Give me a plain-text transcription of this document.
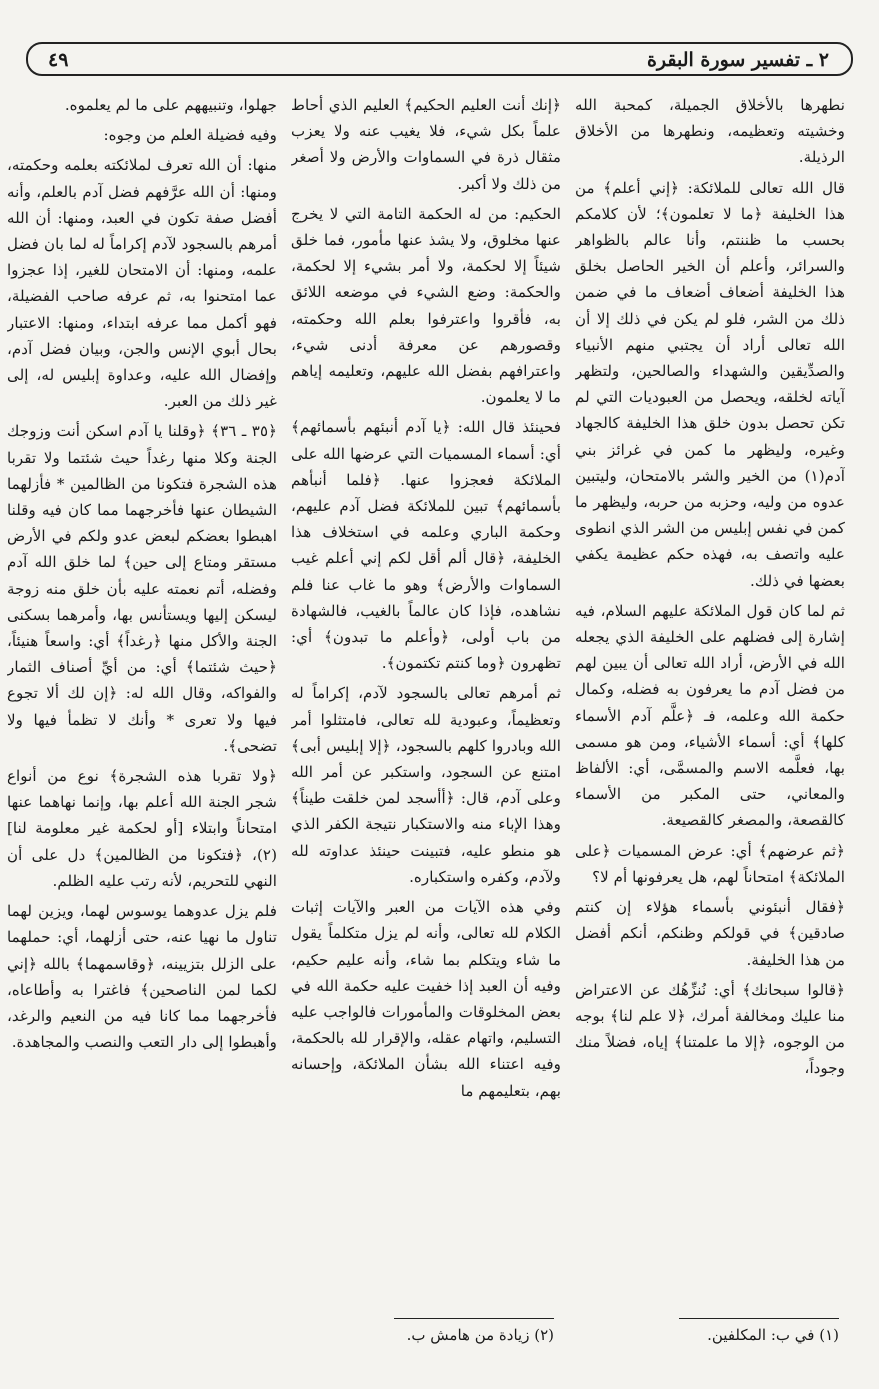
٢ ـ تفسير سورة البقرة
٤٩

نطهرها بالأخلاق الجميلة، كمحبة الله وخشيته وتعظيمه، ونطهرها من الأخلاق الرذيلة.

قال الله تعالى للملائكة: ﴿إني أعلم﴾ من هذا الخليفة ﴿ما لا تعلمون﴾؛ لأن كلامكم بحسب ما ظننتم، وأنا عالم بالظواهر والسرائر، وأعلم أن الخير الحاصل بخلق هذا الخليفة أضعاف أضعاف ما في ضمن ذلك من الشر، فلو لم يكن في ذلك إلا أن الله تعالى أراد أن يجتبي منهم الأنبياء والصدِّيقين والشهداء والصالحين، ولتظهر آياته لخلقه، ويحصل من العبوديات التي لم تكن تحصل بدون خلق هذا الخليفة كالجهاد وغيره، وليظهر ما كمن في غرائز بني آدم(١) من الخير والشر بالامتحان، وليتبين عدوه من وليه، وحزبه من حربه، وليظهر ما كمن في نفس إبليس من الشر الذي انطوى عليه واتصف به، فهذه حكم عظيمة يكفي بعضها في ذلك.

ثم لما كان قول الملائكة عليهم السلام، فيه إشارة إلى فضلهم على الخليفة الذي يجعله الله في الأرض، أراد الله تعالى أن يبين لهم من فضل آدم ما يعرفون به فضله، وكمال حكمة الله وعلمه، فـ ﴿علَّم آدم الأسماء كلها﴾ أي: أسماء الأشياء، ومن هو مسمى بها، فعلَّمه الاسم والمسمَّى، أي: الألفاظ والمعاني، حتى المكبر من الأسماء كالقصعة، والمصغر كالقصيعة.

﴿ثم عرضهم﴾ أي: عرض المسميات ﴿على الملائكة﴾ امتحاناً لهم، هل يعرفونها أم لا؟

﴿فقال أنبئوني بأسماء هؤلاء إن كنتم صادقين﴾ في قولكم وظنكم، أنكم أفضل من هذا الخليفة.

﴿قالوا سبحانك﴾ أي: نُنزِّهُك عن الاعتراض منا عليك ومخالفة أمرك، ﴿لا علم لنا﴾ بوجه من الوجوه، ﴿إلا ما علمتنا﴾ إياه، فضلاً منك وجوداً،

﴿إنك أنت العليم الحكيم﴾ العليم الذي أحاط علماً بكل شيء، فلا يغيب عنه ولا يعزب مثقال ذرة في السماوات والأرض ولا أصغر من ذلك ولا أكبر.

الحكيم: من له الحكمة التامة التي لا يخرج عنها مخلوق، ولا يشذ عنها مأمور، فما خلق شيئاً إلا لحكمة، ولا أمر بشيء إلا لحكمة، والحكمة: وضع الشيء في موضعه اللائق به، فأقروا واعترفوا بعلم الله وحكمته، وقصورهم عن معرفة أدنى شيء، واعترافهم بفضل الله عليهم، وتعليمه إياهم ما لا يعلمون.

فحينئذ قال الله: ﴿يا آدم أنبئهم بأسمائهم﴾ أي: أسماء المسميات التي عرضها الله على الملائكة فعجزوا عنها. ﴿فلما أنبأهم بأسمائهم﴾ تبين للملائكة فضل آدم عليهم، وحكمة الباري وعلمه في استخلاف هذا الخليفة، ﴿قال ألم أقل لكم إني أعلم غيب السماوات والأرض﴾ وهو ما غاب عنا فلم نشاهده، فإذا كان عالماً بالغيب، فالشهادة من باب أولى، ﴿وأعلم ما تبدون﴾ أي: تظهرون ﴿وما كنتم تكتمون﴾.

ثم أمرهم تعالى بالسجود لآدم، إكراماً له وتعظيماً، وعبودية لله تعالى، فامتثلوا أمر الله وبادروا كلهم بالسجود، ﴿إلا إبليس أبى﴾ امتنع عن السجود، واستكبر عن أمر الله وعلى آدم، قال: ﴿أأسجد لمن خلقت طيناً﴾ وهذا الإباء منه والاستكبار نتيجة الكفر الذي هو منطو عليه، فتبينت حينئذ عداوته لله ولآدم، وكفره واستكباره.

وفي هذه الآيات من العبر والآيات إثبات الكلام لله تعالى، وأنه لم يزل متكلماً يقول ما شاء ويتكلم بما شاء، وأنه عليم حكيم، وفيه أن العبد إذا خفيت عليه حكمة الله في بعض المخلوقات والمأمورات فالواجب عليه التسليم، واتهام عقله، والإقرار لله بالحكمة، وفيه اعتناء الله بشأن الملائكة، وإحسانه بهم، بتعليمهم ما

جهلوا، وتنبيههم على ما لم يعلموه.

وفيه فضيلة العلم من وجوه:

منها: أن الله تعرف لملائكته بعلمه وحكمته، ومنها: أن الله عرَّفهم فضل آدم بالعلم، وأنه أفضل صفة تكون في العبد، ومنها: أن الله أمرهم بالسجود لآدم إكراماً له لما بان فضل علمه، ومنها: أن الامتحان للغير، إذا عجزوا عما امتحنوا به، ثم عرفه صاحب الفضيلة، فهو أكمل مما عرفه ابتداء، ومنها: الاعتبار بحال أبوي الإنس والجن، وبيان فضل آدم، وإفضال الله عليه، وعداوة إبليس له، إلى غير ذلك من العبر.

﴿٣٥ ـ ٣٦﴾ ﴿وقلنا يا آدم اسكن أنت وزوجك الجنة وكلا منها رغداً حيث شئتما ولا تقربا هذه الشجرة فتكونا من الظالمين * فأزلهما الشيطان عنها فأخرجهما مما كان فيه وقلنا اهبطوا بعضكم لبعض عدو ولكم في الأرض مستقر ومتاع إلى حين﴾ لما خلق الله آدم وفضله، أتم نعمته عليه بأن خلق منه زوجة ليسكن إليها ويستأنس بها، وأمرهما بسكنى الجنة والأكل منها ﴿رغداً﴾ أي: واسعاً هنيئاً، ﴿حيث شئتما﴾ أي: من أيِّ أصناف الثمار والفواكه، وقال الله له: ﴿إن لك ألا تجوع فيها ولا تعرى * وأنك لا تظمأ فيها ولا تضحى﴾.

﴿ولا تقربا هذه الشجرة﴾ نوع من أنواع شجر الجنة الله أعلم بها، وإنما نهاهما عنها امتحاناً وابتلاء [أو لحكمة غير معلومة لنا](٢)، ﴿فتكونا من الظالمين﴾ دل على أن النهي للتحريم، لأنه رتب عليه الظلم.

فلم يزل عدوهما يوسوس لهما، ويزين لهما تناول ما نهيا عنه، حتى أزلهما، أي: حملهما على الزلل بتزيينه، ﴿وقاسمهما﴾ بالله ﴿إني لكما لمن الناصحين﴾ فاغترا به وأطاعاه، فأخرجهما مما كانا فيه من النعيم والرغد، وأهبطوا إلى دار التعب والنصب والمجاهدة.

(١) في ب: المكلفين.
(٢) زيادة من هامش ب.
